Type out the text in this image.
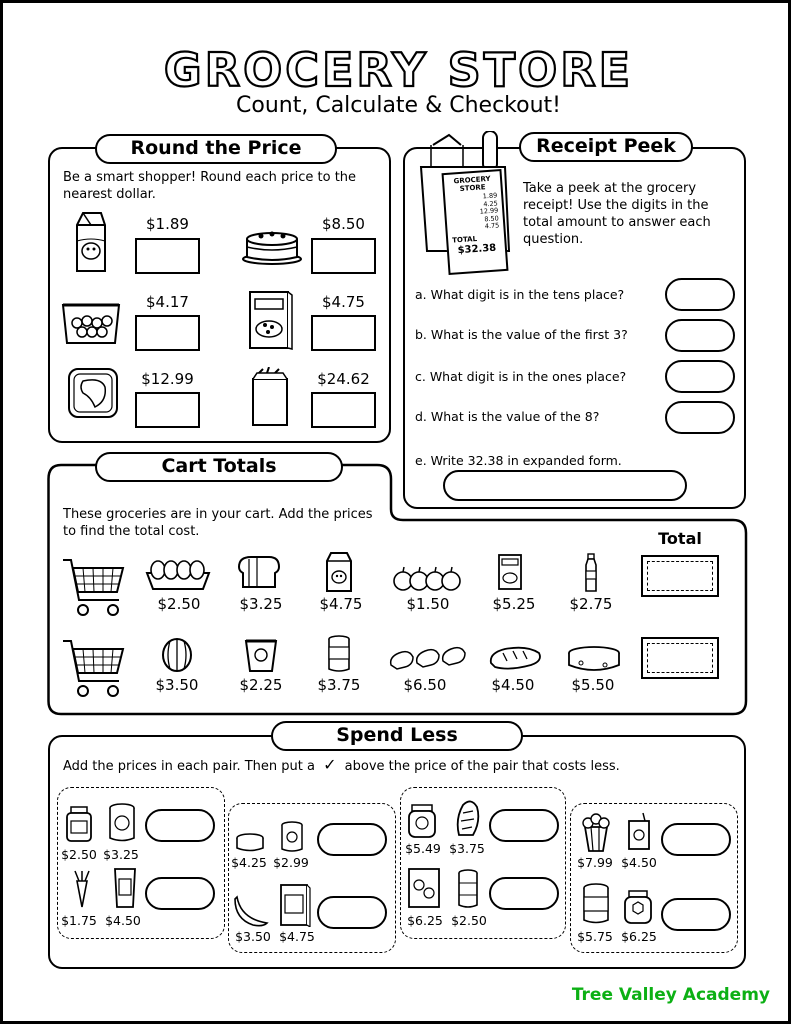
GROCERY STORE
Count, Calculate & Checkout!
Round the Price
Be a smart shopper! Round each price to the nearest dollar.
$1.89	$8.50
$4.17	$4.75
$12.99	$24.62
Receipt Peek
GROCERY STORE
1.89
4.25
12.99
8.50
4.75
TOTAL
$32.38
Take a peek at the grocery receipt! Use the digits in the total amount to answer each question.
a. What digit is in the tens place?
b. What is the value of the first 3?
c. What digit is in the ones place?
d. What is the value of the 8?
e. Write 32.38 in expanded form.
Cart Totals
These groceries are in your cart. Add the prices to find the total cost.	Total
$2.50	$3.25	$4.75	$1.50	$5.25	$2.75
$3.50	$2.25	$3.75	$6.50	$4.50	$5.50
Spend Less
Add the prices in each pair. Then put a ✓ above the price of the pair that costs less.
$2.50 $3.25
$1.75 $4.50
$4.25 $2.99
$3.50 $4.75
$5.49 $3.75
$6.25 $2.50
$7.99 $4.50
$5.75 $6.25
Tree Valley Academy
